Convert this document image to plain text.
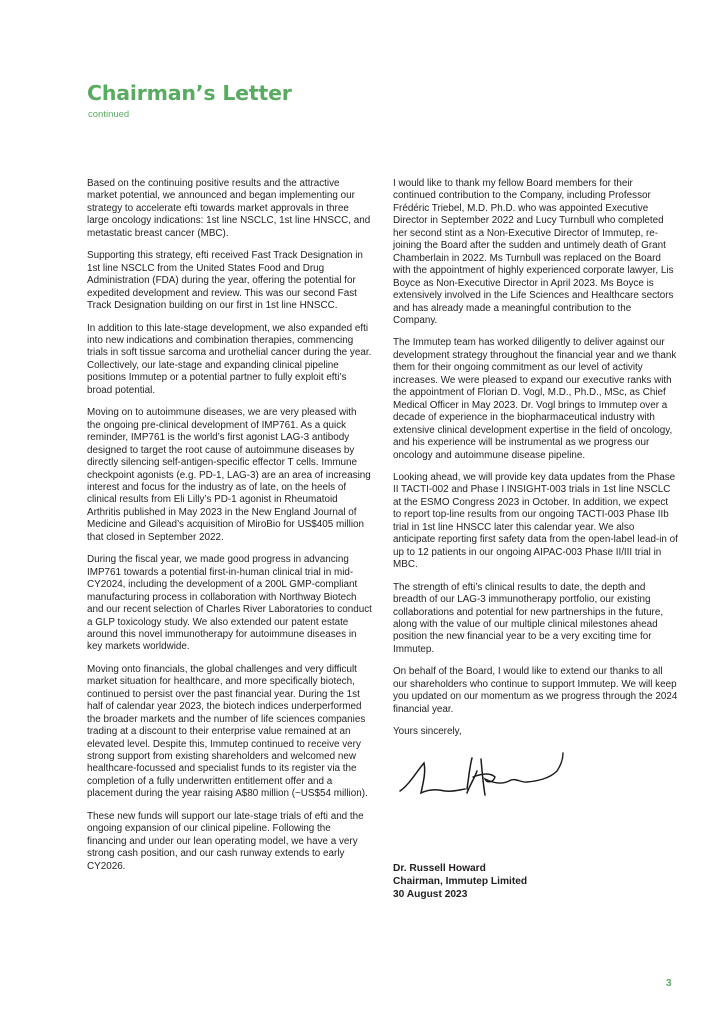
Chairman’s Letter
continued

Based on the continuing positive results and the attractive market potential, we announced and began implementing our strategy to accelerate efti towards market approvals in three large oncology indications: 1st line NSCLC, 1st line HNSCC, and metastatic breast cancer (MBC).

Supporting this strategy, efti received Fast Track Designation in 1st line NSCLC from the United States Food and Drug Administration (FDA) during the year, offering the potential for expedited development and review. This was our second Fast Track Designation building on our first in 1st line HNSCC.

In addition to this late-stage development, we also expanded efti into new indications and combination therapies, commencing trials in soft tissue sarcoma and urothelial cancer during the year. Collectively, our late-stage and expanding clinical pipeline positions Immutep or a potential partner to fully exploit efti’s broad potential.

Moving on to autoimmune diseases, we are very pleased with the ongoing pre-clinical development of IMP761. As a quick reminder, IMP761 is the world’s first agonist LAG-3 antibody designed to target the root cause of autoimmune diseases by directly silencing self-antigen-specific effector T cells. Immune checkpoint agonists (e.g. PD-1, LAG-3) are an area of increasing interest and focus for the industry as of late, on the heels of clinical results from Eli Lilly’s PD-1 agonist in Rheumatoid Arthritis published in May 2023 in the New England Journal of Medicine and Gilead’s acquisition of MiroBio for US$405 million that closed in September 2022.

During the fiscal year, we made good progress in advancing IMP761 towards a potential first-in-human clinical trial in mid-CY2024, including the development of a 200L GMP-compliant manufacturing process in collaboration with Northway Biotech and our recent selection of Charles River Laboratories to conduct a GLP toxicology study. We also extended our patent estate around this novel immunotherapy for autoimmune diseases in key markets worldwide.

Moving onto financials, the global challenges and very difficult market situation for healthcare, and more specifically biotech, continued to persist over the past financial year. During the 1st half of calendar year 2023, the biotech indices underperformed the broader markets and the number of life sciences companies trading at a discount to their enterprise value remained at an elevated level. Despite this, Immutep continued to receive very strong support from existing shareholders and welcomed new healthcare-focussed and specialist funds to its register via the completion of a fully underwritten entitlement offer and a placement during the year raising A$80 million (~US$54 million).

These new funds will support our late-stage trials of efti and the ongoing expansion of our clinical pipeline. Following the financing and under our lean operating model, we have a very strong cash position, and our cash runway extends to early CY2026.

I would like to thank my fellow Board members for their continued contribution to the Company, including Professor Frédéric Triebel, M.D. Ph.D. who was appointed Executive Director in September 2022 and Lucy Turnbull who completed her second stint as a Non-Executive Director of Immutep, re-joining the Board after the sudden and untimely death of Grant Chamberlain in 2022. Ms Turnbull was replaced on the Board with the appointment of highly experienced corporate lawyer, Lis Boyce as Non-Executive Director in April 2023. Ms Boyce is extensively involved in the Life Sciences and Healthcare sectors and has already made a meaningful contribution to the Company.

The Immutep team has worked diligently to deliver against our development strategy throughout the financial year and we thank them for their ongoing commitment as our level of activity increases. We were pleased to expand our executive ranks with the appointment of Florian D. Vogl, M.D., Ph.D., MSc, as Chief Medical Officer in May 2023. Dr. Vogl brings to Immutep over a decade of experience in the biopharmaceutical industry with extensive clinical development expertise in the field of oncology, and his experience will be instrumental as we progress our oncology and autoimmune disease pipeline.

Looking ahead, we will provide key data updates from the Phase II TACTI-002 and Phase I INSIGHT-003 trials in 1st line NSCLC at the ESMO Congress 2023 in October. In addition, we expect to report top-line results from our ongoing TACTI-003 Phase IIb trial in 1st line HNSCC later this calendar year. We also anticipate reporting first safety data from the open-label lead-in of up to 12 patients in our ongoing AIPAC-003 Phase II/III trial in MBC.

The strength of efti’s clinical results to date, the depth and breadth of our LAG-3 immunotherapy portfolio, our existing collaborations and potential for new partnerships in the future, along with the value of our multiple clinical milestones ahead position the new financial year to be a very exciting time for Immutep.

On behalf of the Board, I would like to extend our thanks to all our shareholders who continue to support Immutep. We will keep you updated on our momentum as we progress through the 2024 financial year.

Yours sincerely,

Dr. Russell Howard
Chairman, Immutep Limited
30 August 2023
3
